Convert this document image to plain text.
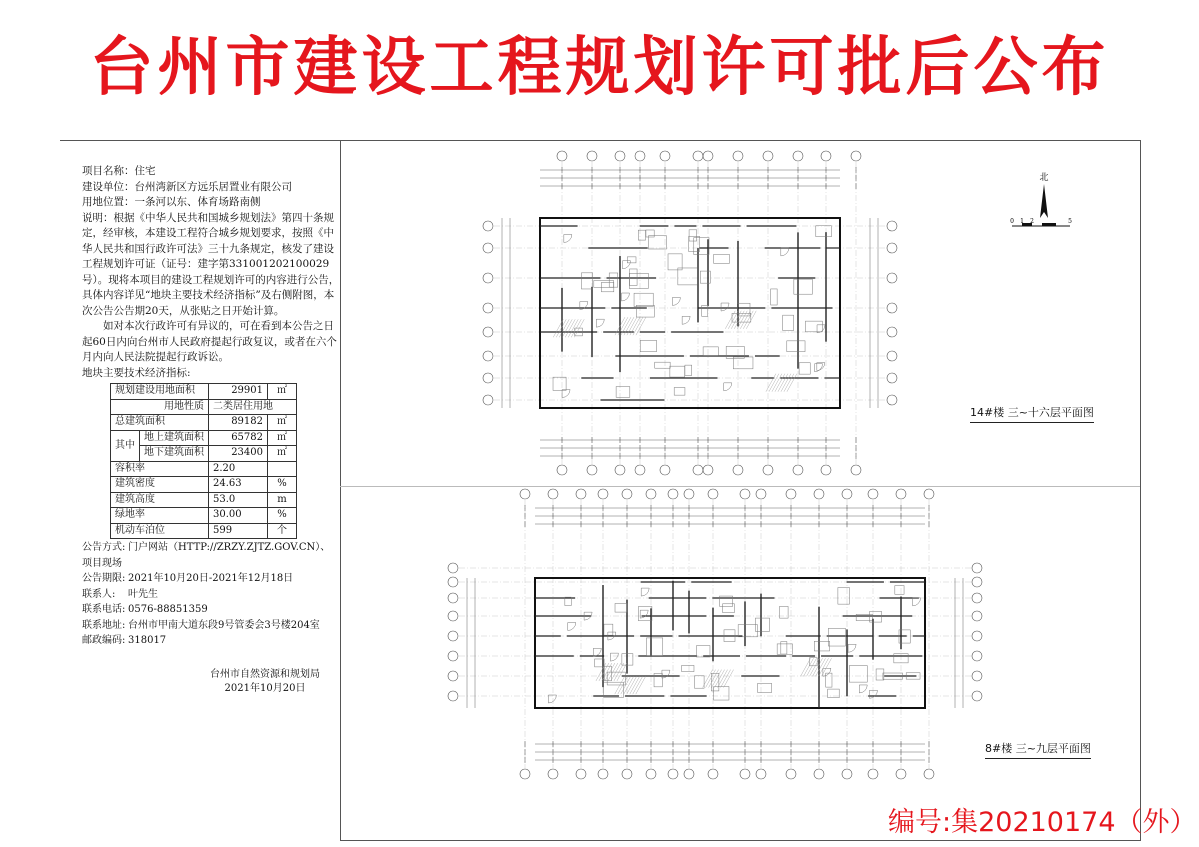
台州市建设工程规划许可批后公布

项目名称：住宅

建设单位：台州湾新区方远乐居置业有限公司

用地位置：一条河以东、体育场路南侧

说明：根据《中华人民共和国城乡规划法》第四十条规定，经审核，本建设工程符合城乡规划要求，按照《中华人民共和国行政许可法》三十九条规定，核发了建设工程规划许可证（证号：建字第331001202100029号）。现将本项目的建设工程规划许可的内容进行公告，具体内容详见“地块主要技术经济指标”及右侧附图，本次公告公告期20天，从张贴之日开始计算。

如对本次行政许可有异议的，可在看到本公告之日起60日内向台州市人民政府提起行政复议，或者在六个月内向人民法院提起行政诉讼。

地块主要技术经济指标:

规划建设用地面积		29901	㎡
用地性质		二类居住用地	
总建筑面积		89182	㎡
其中	地上建筑面积	65782	㎡
	地下建筑面积	23400	㎡
容积率		2.20	
建筑密度		24.63	%
建筑高度		53.0	m
绿地率		30.00	%
机动车泊位		599	个
公告方式: 门户网站（HTTP://ZRZY.ZJTZ.GOV.CN）、项目现场
公告期限: 2021年10月20日-2021年12月18日
联系人: 叶先生
联系电话: 0576-88851359
联系地址: 台州市甲南大道东段9号管委会3号楼204室
邮政编码: 318017
台州市自然资源和规划局
2021年10月20日
北
0 1 2	5
14#楼 三~十六层平面图
8#楼 三~九层平面图
编号:集20210174（外）
